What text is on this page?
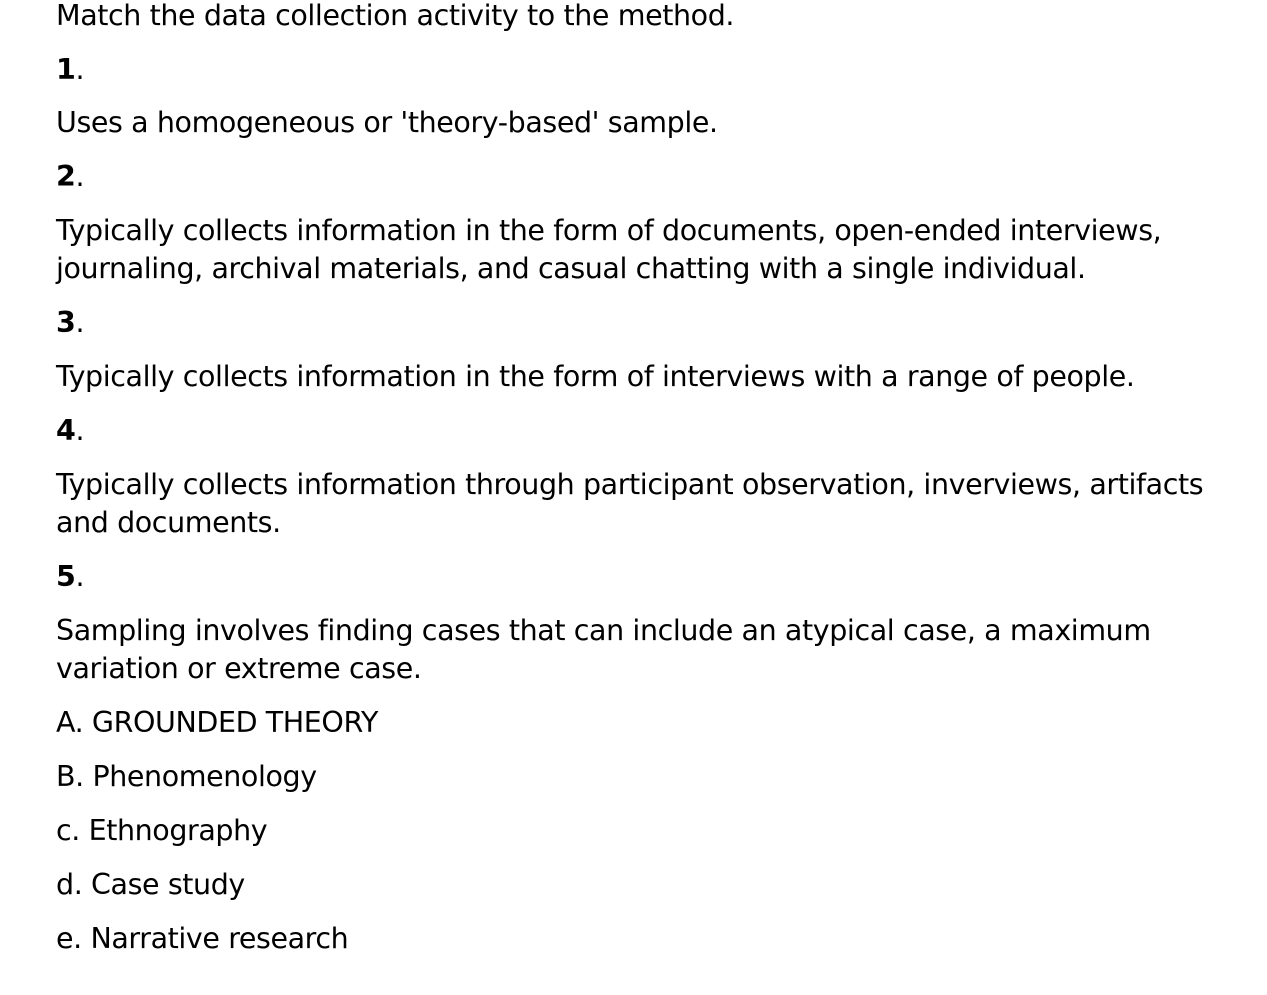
Match the data collection activity to the method.
1.
Uses a homogeneous or 'theory-based' sample.
2.
Typically collects information in the form of documents, open-ended interviews,
journaling, archival materials, and casual chatting with a single individual.
3.
Typically collects information in the form of interviews with a range of people.
4.
Typically collects information through participant observation, inverviews, artifacts
and documents.
5.
Sampling involves finding cases that can include an atypical case, a maximum
variation or extreme case.
A. GROUNDED THEORY
B. Phenomenology
c. Ethnography
d. Case study
e. Narrative research
